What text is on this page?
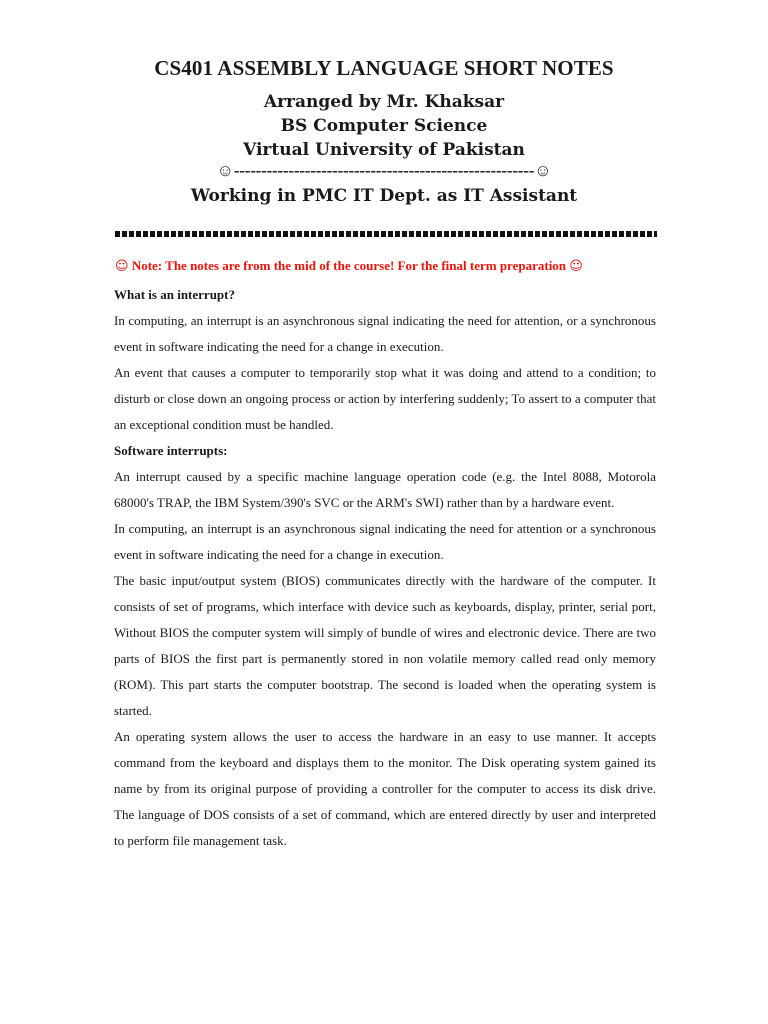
CS401 ASSEMBLY LANGUAGE SHORT NOTES
Arranged by Mr. Khaksar
BS Computer Science
Virtual University of Pakistan
☺-------------------------------------------------------☺
Working in PMC IT Dept. as IT Assistant
☺ Note: The notes are from the mid of the course! For the final term preparation ☺
What is an interrupt?

In computing, an interrupt is an asynchronous signal indicating the need for attention, or a synchronous event in software indicating the need for a change in execution.

An event that causes a computer to temporarily stop what it was doing and attend to a condition; to disturb or close down an ongoing process or action by interfering suddenly; To assert to a computer that an exceptional condition must be handled.

Software interrupts:

An interrupt caused by a specific machine language operation code (e.g. the Intel 8088, Motorola 68000's TRAP, the IBM System/390's SVC or the ARM's SWI) rather than by a hardware event.

In computing, an interrupt is an asynchronous signal indicating the need for attention or a synchronous event in software indicating the need for a change in execution.

The basic input/output system (BIOS) communicates directly with the hardware of the computer. It consists of set of programs, which interface with device such as keyboards, display, printer, serial port, Without BIOS the computer system will simply of bundle of wires and electronic device. There are two parts of BIOS the first part is permanently stored in non volatile memory called read only memory (ROM). This part starts the computer bootstrap. The second is loaded when the operating system is started.

An operating system allows the user to access the hardware in an easy to use manner. It accepts command from the keyboard and displays them to the monitor. The Disk operating system gained its name by from its original purpose of providing a controller for the computer to access its disk drive. The language of DOS consists of a set of command, which are entered directly by user and interpreted to perform file management task.
